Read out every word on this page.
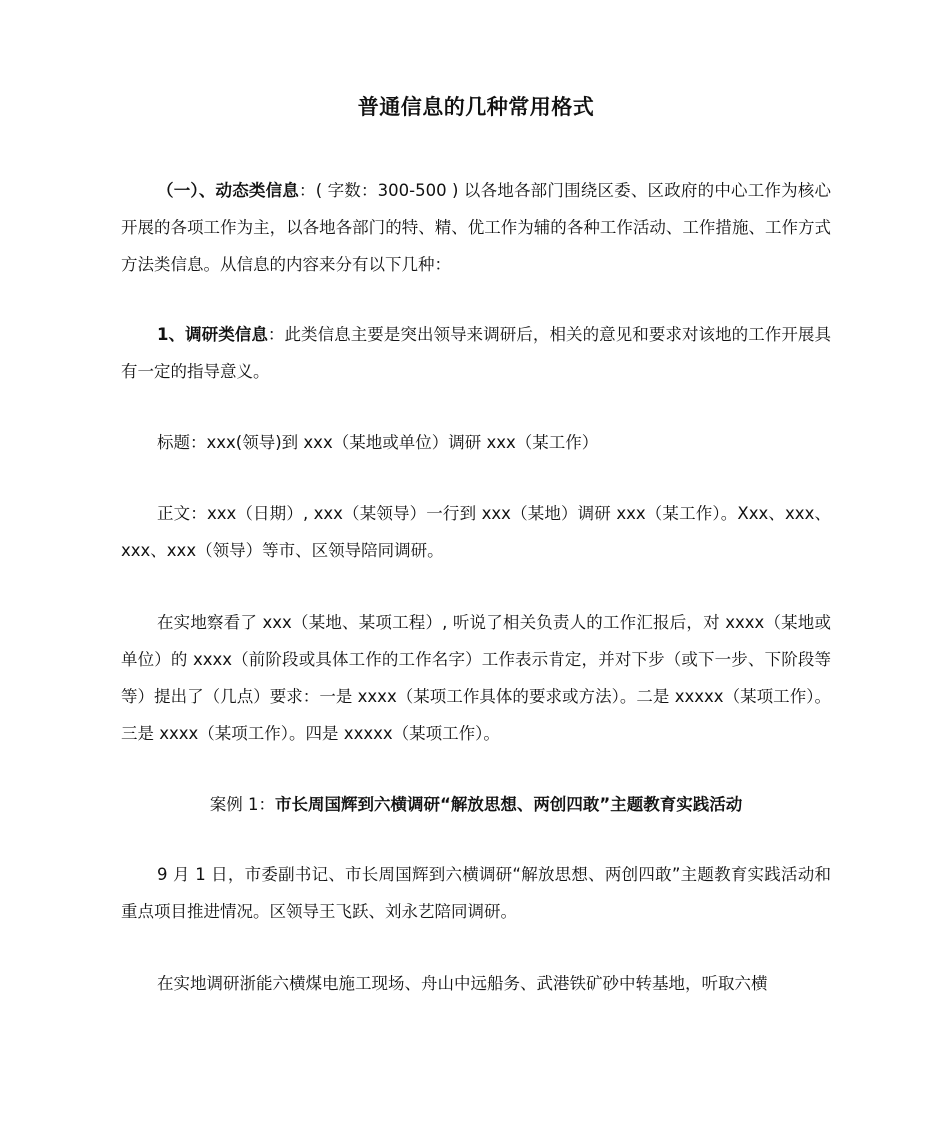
普通信息的几种常用格式

（一）、动态类信息：( 字数：300-500 ) 以各地各部门围绕区委、区政府的中心工作为核心开展的各项工作为主，以各地各部门的特、精、优工作为辅的各种工作活动、工作措施、工作方式方法类信息。从信息的内容来分有以下几种：

1、调研类信息：此类信息主要是突出领导来调研后，相关的意见和要求对该地的工作开展具有一定的指导意义。

标题：xxx(领导)到 xxx（某地或单位）调研 xxx（某工作）

正文：xxx（日期）, xxx（某领导）一行到 xxx（某地）调研 xxx（某工作）。Xxx、xxx、xxx、xxx（领导）等市、区领导陪同调研。

在实地察看了 xxx（某地、某项工程）, 听说了相关负责人的工作汇报后，对 xxxx（某地或单位）的 xxxx（前阶段或具体工作的工作名字）工作表示肯定，并对下步（或下一步、下阶段等等）提出了（几点）要求：一是 xxxx（某项工作具体的要求或方法）。二是 xxxxx（某项工作）。三是 xxxx（某项工作）。四是 xxxxx（某项工作）。

案例 1：市长周国辉到六横调研“解放思想、两创四敢”主题教育实践活动

9 月 1 日，市委副书记、市长周国辉到六横调研“解放思想、两创四敢”主题教育实践活动和重点项目推进情况。区领导王飞跃、刘永艺陪同调研。

在实地调研浙能六横煤电施工现场、舟山中远船务、武港铁矿砂中转基地，听取六横
